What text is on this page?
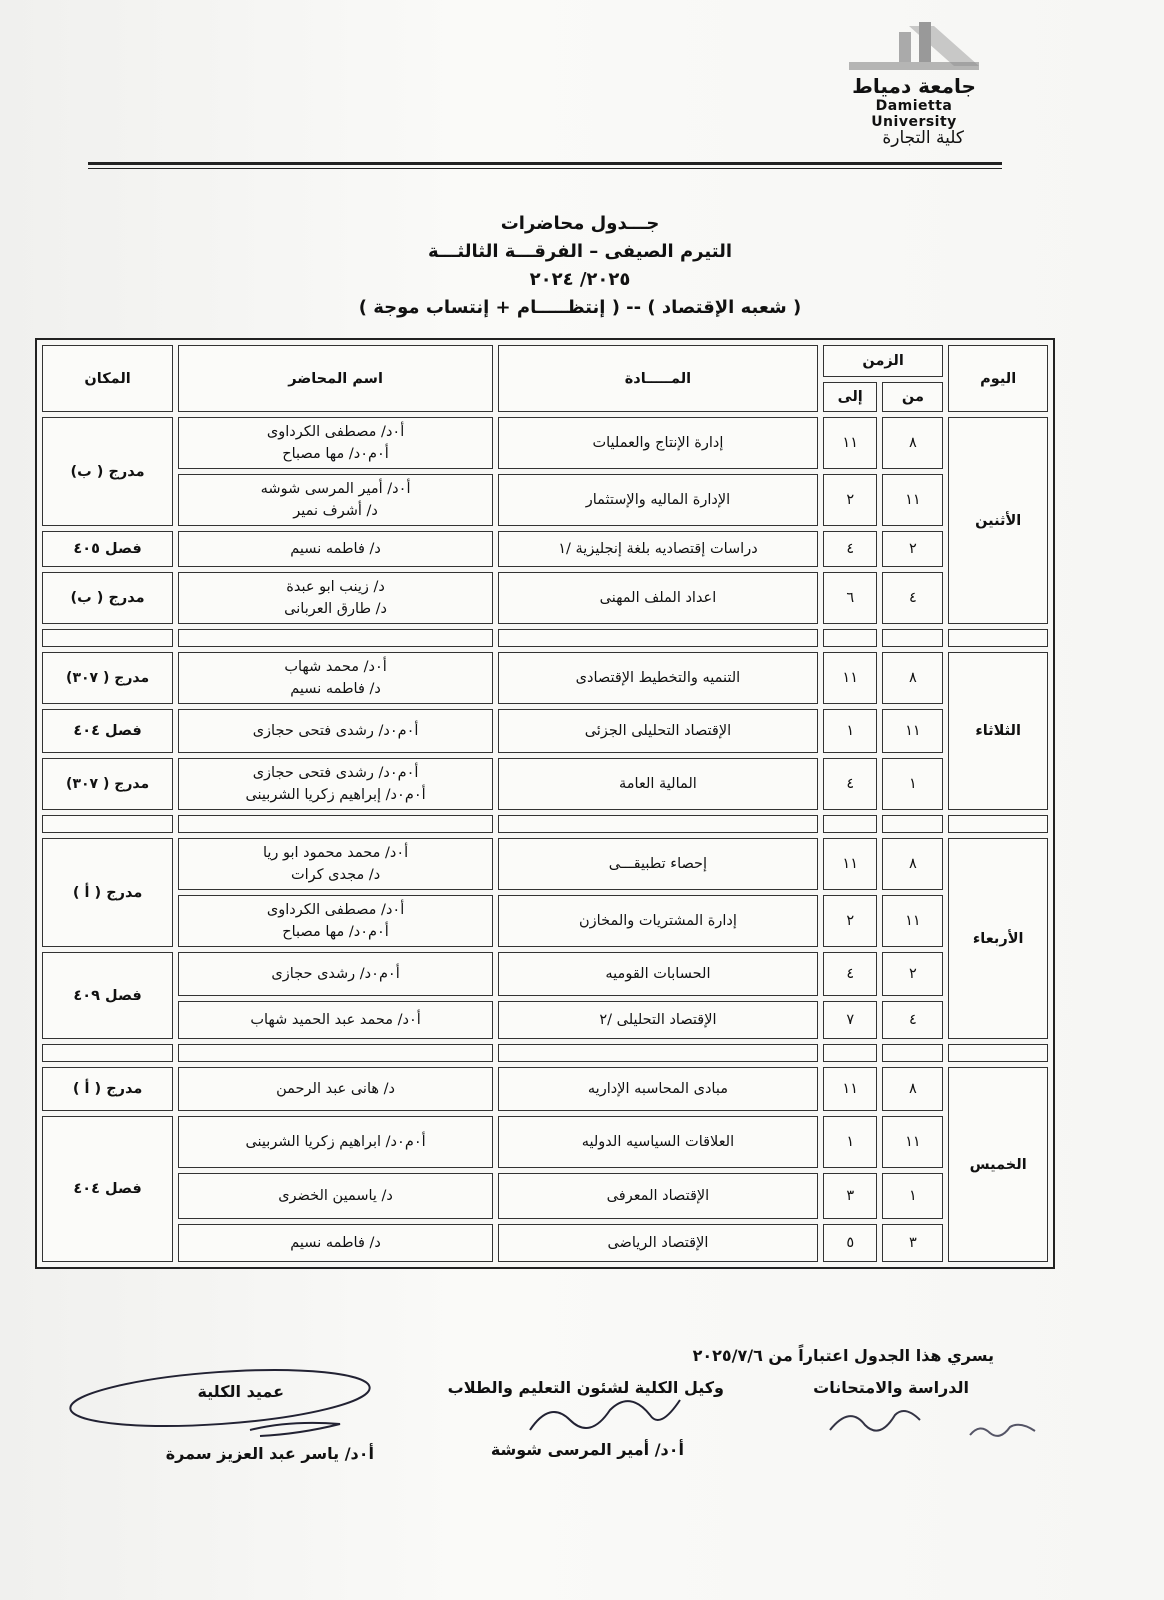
جامعة دمياط
Damietta University
كلية التجارة
جـــدول محاضرات
التيرم الصيفى – الفرقـــة الثالثـــة
٢٠٢٥/ ٢٠٢٤
( شعبه الإقتصاد ) -- ( إنتظـــــام + إنتساب موجة )
اليوم	الزمن		المـــــادة	اسم المحاضر	المكان
	من	إلى			
الأثنين	٨	١١	إدارة الإنتاج والعمليات	أ٠د/ مصطفى الكرداوى
أ٠م٠د/ مها مصباح	مدرج ( ب)
	١١	٢	الإدارة الماليه والإستثمار	أ٠د/ أمير المرسى شوشه
د/ أشرف نمير	

	٢	٤	دراسات إقتصاديه بلغة إنجليزية /١	د/ فاطمه نسيم	فصل ٤٠٥
	٤	٦	اعداد الملف المهنى	د/ زينب ابو عبدة
د/ طارق العربانى	مدرج ( ب)

الثلاثاء	٨	١١	التنميه والتخطيط الإقتصادى	أ٠د/ محمد شهاب
د/ فاطمه نسيم	مدرج ( ٣٠٧)
	١١	١	الإقتصاد التحليلى الجزئى	أ٠م٠د/ رشدى فتحى حجازى	فصل ٤٠٤
	١	٤	المالية العامة	أ٠م٠د/ رشدى فتحى حجازى
أ٠م٠د/ إبراهيم زكريا الشربينى	مدرج ( ٣٠٧)

الأربعاء	٨	١١	إحصاء تطبيقـــى	أ٠د/ محمد محمود ابو ريا
د/ مجدى كرات	مدرج ( أ )
	١١	٢	إدارة المشتريات والمخازن	أ٠د/ مصطفى الكرداوى
أ٠م٠د/ مها مصباح	

	٢	٤	الحسابات القوميه	أ٠م٠د/ رشدى حجازى	فصل ٤٠٩
	٤	٧	الإقتصاد التحليلى /٢	أ٠د/ محمد عبد الحميد شهاب	

الخميس	٨	١١	مبادى المحاسبه الإداريه	د/ هانى عبد الرحمن	مدرج ( أ )
	١١	١	العلاقات السياسيه الدوليه	أ٠م٠د/ ابراهيم زكريا الشربينى	فصل ٤٠٤
	١	٣	الإقتصاد المعرفى	د/ ياسمين الخضرى	

	٣	٥	الإقتصاد الرياضى	د/ فاطمه نسيم	
يسري هذا الجدول اعتباراً من ٢٠٢٥/٧/٦
الدراسة والامتحانات
وكيل الكلية لشئون التعليم والطلاب
أ٠د/ أمير المرسى شوشة
عميد الكلية
أ٠د/ ياسر عبد العزيز سمرة
